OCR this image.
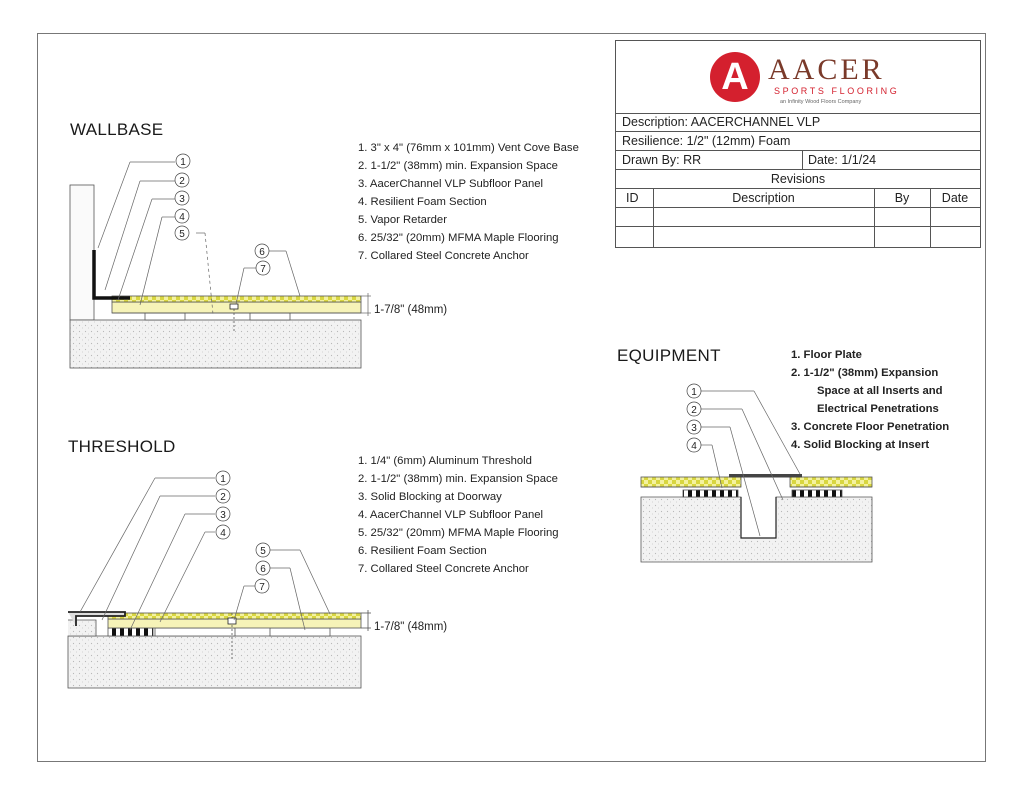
A AACER
SPORTS FLOORING
an Infinity Wood Floors Company
Description: AACERCHANNEL VLP
Resilience: 1/2" (12mm) Foam
Drawn By: RR	Date: 1/1/24
Revisions
ID	Description	By	Date
WALLBASE
1. 3" x 4" (76mm x 101mm) Vent Cove Base
2. 1-1/2" (38mm) min. Expansion Space
3. AacerChannel VLP Subfloor Panel
4. Resilient Foam Section
5. Vapor Retarder
6. 25/32" (20mm) MFMA Maple Flooring
7. Collared Steel Concrete Anchor
1
2
3
4
5
6
7
1-7/8" (48mm)
THRESHOLD
1. 1/4" (6mm) Aluminum Threshold
2. 1-1/2" (38mm) min. Expansion Space
3. Solid Blocking at Doorway
4. AacerChannel VLP Subfloor Panel
5. 25/32" (20mm) MFMA Maple Flooring
6. Resilient Foam Section
7. Collared Steel Concrete Anchor
1
2
3
4
5
6
7
1-7/8" (48mm)
EQUIPMENT	1. Floor Plate
2. 1-1/2" (38mm) Expansion
Space at all Inserts and
Electrical Penetrations
3. Concrete Floor Penetration
4. Solid Blocking at Insert
1
2
3
4
